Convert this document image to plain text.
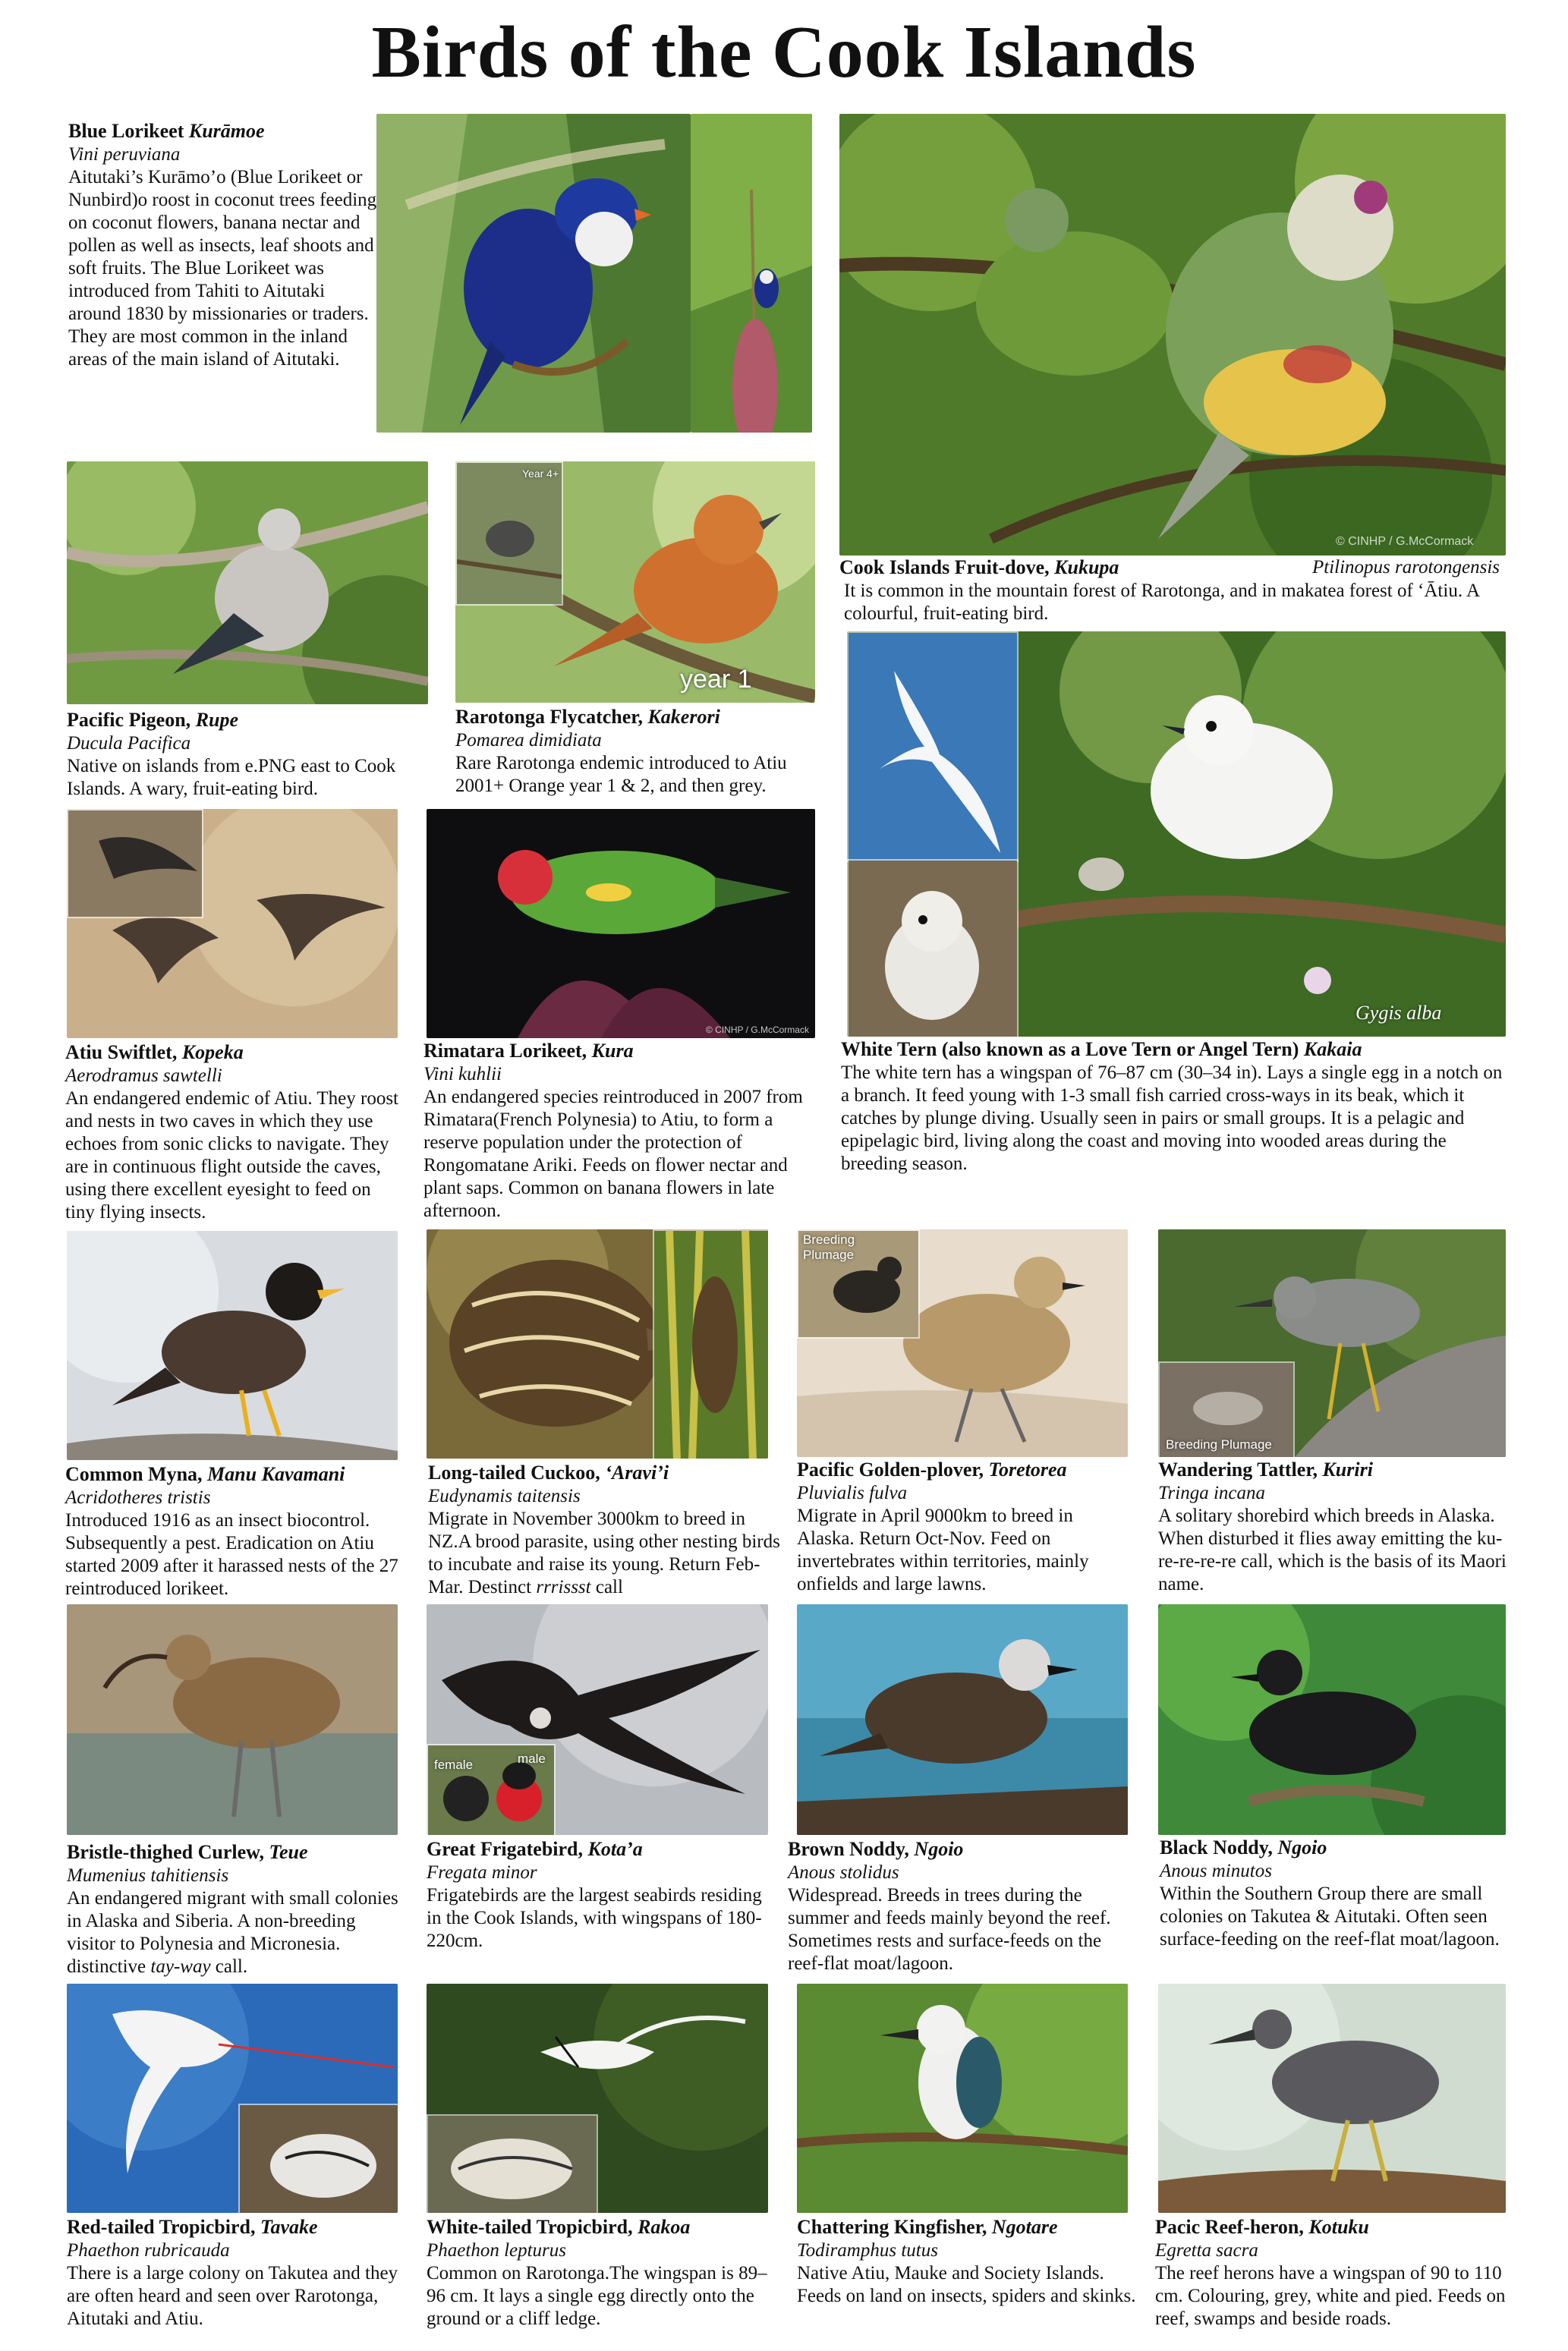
Birds of the Cook Islands
Blue Lorikeet Kurāmoe
Vini peruviana
Aitutaki’s Kurāmo’o (Blue Lorikeet or Nunbird)o roost in coconut trees feeding on coconut flowers, banana nectar and pollen as well as insects, leaf shoots and soft fruits. The Blue Lorikeet was introduced from Tahiti to Aitutaki around 1830 by missionaries or traders. They are most common in the inland areas of the main island of Aitutaki.
© CINHP / G.McCormack
Cook Islands Fruit-dove, Kukupa	Ptilinopus rarotongensis
It is common in the mountain forest of Rarotonga, and in makatea forest of ‘Ātiu. A colourful, fruit-eating bird.
Pacific Pigeon, Rupe
Ducula Pacifica
Native on islands from e.PNG east to Cook Islands. A wary, fruit-eating bird.
Year 4+
year 1
Rarotonga Flycatcher, Kakerori
Pomarea dimidiata
Rare Rarotonga endemic introduced to Atiu 2001+ Orange year 1 & 2, and then grey.
Gygis alba
White Tern (also known as a Love Tern or Angel Tern) Kakaia
The white tern has a wingspan of 76–87 cm (30–34 in). Lays a single egg in a notch on a branch. It feed young with 1-3 small fish carried cross-ways in its beak, which it catches by plunge diving. Usually seen in pairs or small groups. It is a pelagic and epipelagic bird, living along the coast and moving into wooded areas during the breeding season.
Atiu Swiftlet, Kopeka
Aerodramus sawtelli
An endangered endemic of Atiu. They roost and nests in two caves in which they use echoes from sonic clicks to navigate. They are in continuous flight outside the caves, using there excellent eyesight to feed on tiny flying insects.
© CINHP / G.McCormack
Rimatara Lorikeet, Kura
Vini kuhlii
An endangered species reintroduced in 2007 from Rimatara(French Polynesia) to Atiu, to form a reserve population under the protection of Rongomatane Ariki. Feeds on flower nectar and plant saps. Common on banana flowers in late afternoon.
Common Myna, Manu Kavamani
Acridotheres tristis
Introduced 1916 as an insect biocontrol. Subsequently a pest. Eradication on Atiu started 2009 after it harassed nests of the 27 reintroduced lorikeet.
Long-tailed Cuckoo, ‘Aravi’i
Eudynamis taitensis
Migrate in November 3000km to breed in NZ.A brood parasite, using other nesting birds to incubate and raise its young. Return Feb-Mar. Destinct rrrissst call
Breeding Plumage
Pacific Golden-plover, Toretorea
Pluvialis fulva
Migrate in April 9000km to breed in Alaska. Return Oct-Nov. Feed on invertebrates within territories, mainly onfields and large lawns.
Breeding Plumage
Wandering Tattler, Kuriri
Tringa incana
A solitary shorebird which breeds in Alaska. When disturbed it flies away emitting the ku-re-re-re-re call, which is the basis of its Maori name.
Bristle-thighed Curlew, Teue
Mumenius tahitiensis
An endangered migrant with small colonies in Alaska and Siberia. A non-breeding visitor to Polynesia and Micronesia. distinctive tay-way call.
female	male
Great Frigatebird, Kota’a
Fregata minor
Frigatebirds are the largest seabirds residing in the Cook Islands, with wingspans of 180-220cm.
Brown Noddy, Ngoio
Anous stolidus
Widespread. Breeds in trees during the summer and feeds mainly beyond the reef. Sometimes rests and surface-feeds on the reef-flat moat/lagoon.
Black Noddy, Ngoio
Anous minutos
Within the Southern Group there are small colonies on Takutea & Aitutaki. Often seen surface-feeding on the reef-flat moat/lagoon.
Red-tailed Tropicbird, Tavake
Phaethon rubricauda
There is a large colony on Takutea and they are often heard and seen over Rarotonga, Aitutaki and Atiu.
White-tailed Tropicbird, Rakoa
Phaethon lepturus
Common on Rarotonga.The wingspan is 89–96 cm. It lays a single egg directly onto the ground or a cliff ledge.
Chattering Kingfisher, Ngotare
Todiramphus tutus
Native Atiu, Mauke and Society Islands. Feeds on land on insects, spiders and skinks.
Pacic Reef-heron, Kotuku
Egretta sacra
The reef herons have a wingspan of 90 to 110 cm. Colouring, grey, white and pied. Feeds on reef, swamps and beside roads.
